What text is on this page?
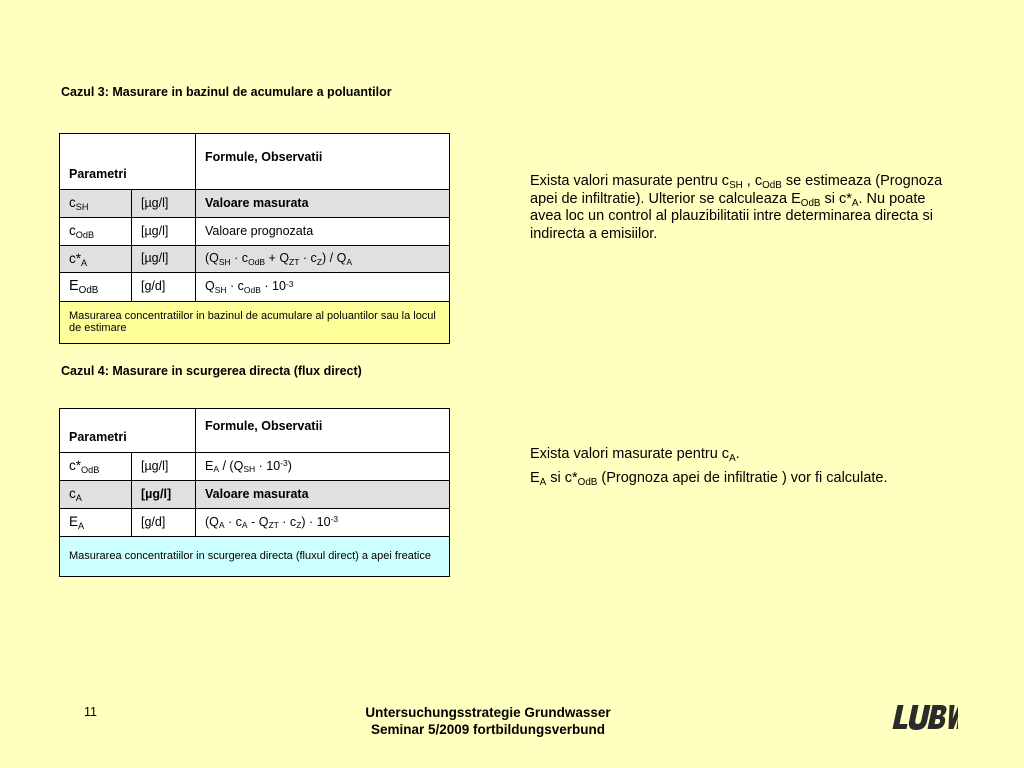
Cazul 3: Masurare in bazinul de acumulare a poluantilor
Parametri		Formule, Observatii
$c_{SH}$	[µg/l]	Valoare masurata
$c_{OdB}$	[µg/l]	Valoare prognozata
$c*_A$	[µg/l]	$(Q_{SH} \cdot c_{OdB} + Q_{ZT} \cdot c_Z) / Q_A$
$E_{OdB}$	[g/d]	$Q_{SH} \cdot c_{OdB} \cdot 10^{-3}$
Masurarea concentratiilor in bazinul de acumulare al poluantilor sau la locul de estimare		
Cazul 4: Masurare in scurgerea directa (flux direct)
Parametri		Formule, Observatii
$c*_{OdB}$	[µg/l]	$E_A / (Q_{SH} \cdot 10^{-3})$
$c_A$	[µg/l]	Valoare masurata
$E_A$	[g/d]	$(Q_A \cdot c_A - Q_{ZT} \cdot c_Z) \cdot 10^{-3}$
Masurarea concentratiilor in scurgerea directa (fluxul direct) a apei freatice		

Exista valori masurate pentru $c_{SH}$ , $c_{OdB}$ se estimeaza (Prognoza apei de infiltratie). Ulterior se calculeaza $E_{OdB}$ si $c*_A$. Nu poate avea loc un control al plauzibilitatii intre determinarea directa si indirecta a emisiilor.

Exista valori masurate pentru $c_A$.

$E_A$ si $c*_{OdB}$ (Prognoza apei de infiltratie ) vor fi calculate.

11	Untersuchungsstrategie Grundwasser
Seminar 5/2009 fortbildungsverbund
